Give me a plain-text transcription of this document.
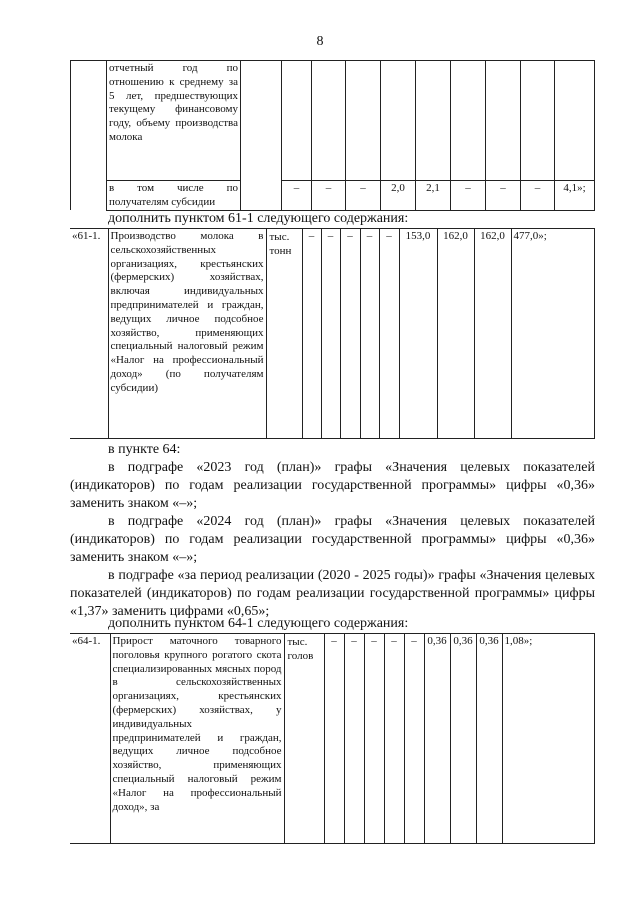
8
	отчетный год по отношению к среднему за 5 лет, предшествующих текущему финансовому году, объему производства молока										
	в том числе по получателям субсидии		–	–	–	2,0	2,1	–	–	–	4,1»;
дополнить пунктом 61-1 следующего содержания:
«61-1.	Производство молока в сельскохозяйственных организациях, крестьянских (фермерских) хозяйствах, включая индивидуальных предпринимателей и граждан, ведущих личное подсобное хозяйство, применяющих специальный налоговый режим «Налог на профессиональный доход» (по получателям субсидии)	тыс. тонн	–	–	–	–	–	153,0	162,0	162,0	477,0»;
в пункте 64:
в подграфе «2023 год (план)» графы «Значения целевых показателей (индикаторов) по годам реализации государственной программы» цифры «0,36» заменить знаком «–»;
в подграфе «2024 год (план)» графы «Значения целевых показателей (индикаторов) по годам реализации государственной программы» цифры «0,36» заменить знаком «–»;
в подграфе «за период реализации (2020 - 2025 годы)» графы «Значения целевых показателей (индикаторов) по годам реализации государственной программы» цифры «1,37» заменить цифрами «0,65»;
дополнить пунктом 64-1 следующего содержания:
«64-1.	Прирост маточного товарного поголовья крупного рогатого скота специализированных мясных пород в сельскохозяйственных организациях, крестьянских (фермерских) хозяйствах, у индивидуальных предпринимателей и граждан, ведущих личное подсобное хозяйство, применяющих специальный налоговый режим «Налог на профессиональный доход», за	тыс. голов	–	–	–	–	–	0,36	0,36	0,36	1,08»;
